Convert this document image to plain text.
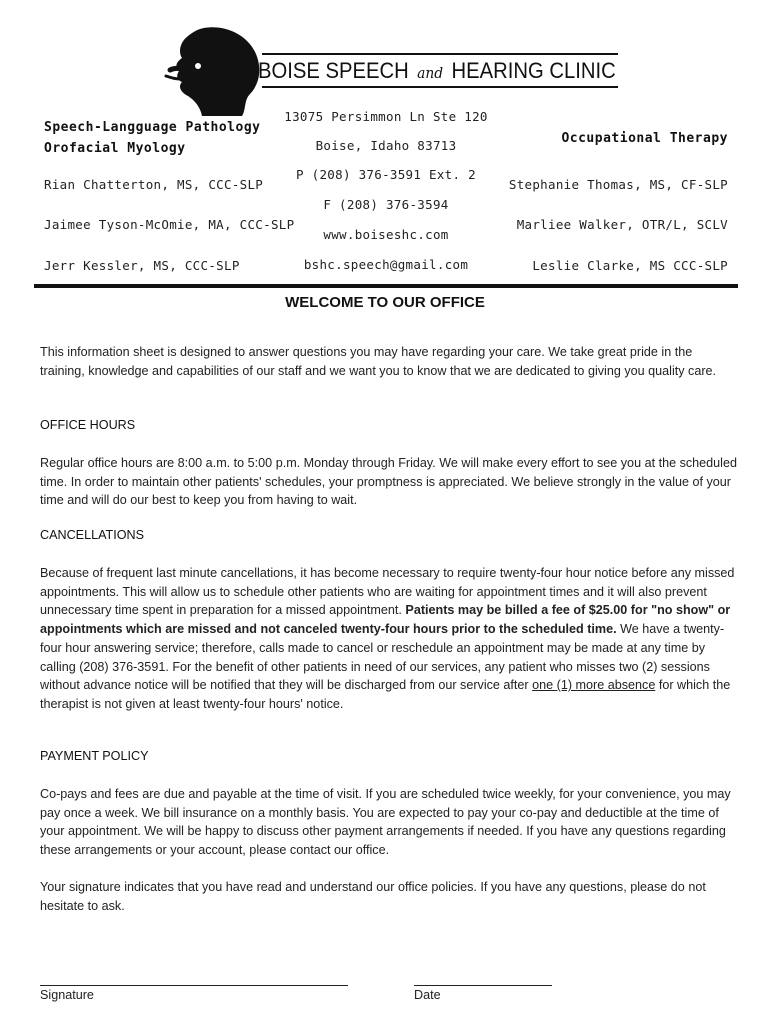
BOISE SPEECH and HEARING CLINIC
Speech-Langguage Pathology
Orofacial Myology
Rian Chatterton, MS, CCC-SLP
Jaimee Tyson-McOmie, MA, CCC-SLP
Jerr Kessler, MS, CCC-SLP
13075 Persimmon Ln Ste 120
Boise, Idaho 83713
P (208) 376-3591 Ext. 2
F (208) 376-3594
www.boiseshc.com
bshc.speech@gmail.com
Occupational Therapy
Stephanie Thomas, MS, CF-SLP
Marliee Walker, OTR/L, SCLV
Leslie Clarke, MS CCC-SLP
WELCOME TO OUR OFFICE
This information sheet is designed to answer questions you may have regarding your care. We take great pride in the training, knowledge and capabilities of our staff and we want you to know that we are dedicated to giving you quality care.
OFFICE HOURS
Regular office hours are 8:00 a.m. to 5:00 p.m. Monday through Friday. We will make every effort to see you at the scheduled time. In order to maintain other patients' schedules, your promptness is appreciated. We believe strongly in the value of your time and will do our best to keep you from having to wait.
CANCELLATIONS
Because of frequent last minute cancellations, it has become necessary to require twenty-four hour notice before any missed appointments. This will allow us to schedule other patients who are waiting for appointment times and it will also prevent unnecessary time spent in preparation for a missed appointment. Patients may be billed a fee of $25.00 for "no show" or appointments which are missed and not canceled twenty-four hours prior to the scheduled time. We have a twenty-four hour answering service; therefore, calls made to cancel or reschedule an appointment may be made at any time by calling (208) 376-3591. For the benefit of other patients in need of our services, any patient who misses two (2) sessions without advance notice will be notified that they will be discharged from our service after one (1) more absence for which the therapist is not given at least twenty-four hours' notice.
PAYMENT POLICY
Co-pays and fees are due and payable at the time of visit. If you are scheduled twice weekly, for your convenience, you may pay once a week. We bill insurance on a monthly basis. You are expected to pay your co-pay and deductible at the time of your appointment. We will be happy to discuss other payment arrangements if needed. If you have any questions regarding these arrangements or your account, please contact our office.
Your signature indicates that you have read and understand our office policies. If you have any questions, please do not hesitate to ask.
Signature	Date
